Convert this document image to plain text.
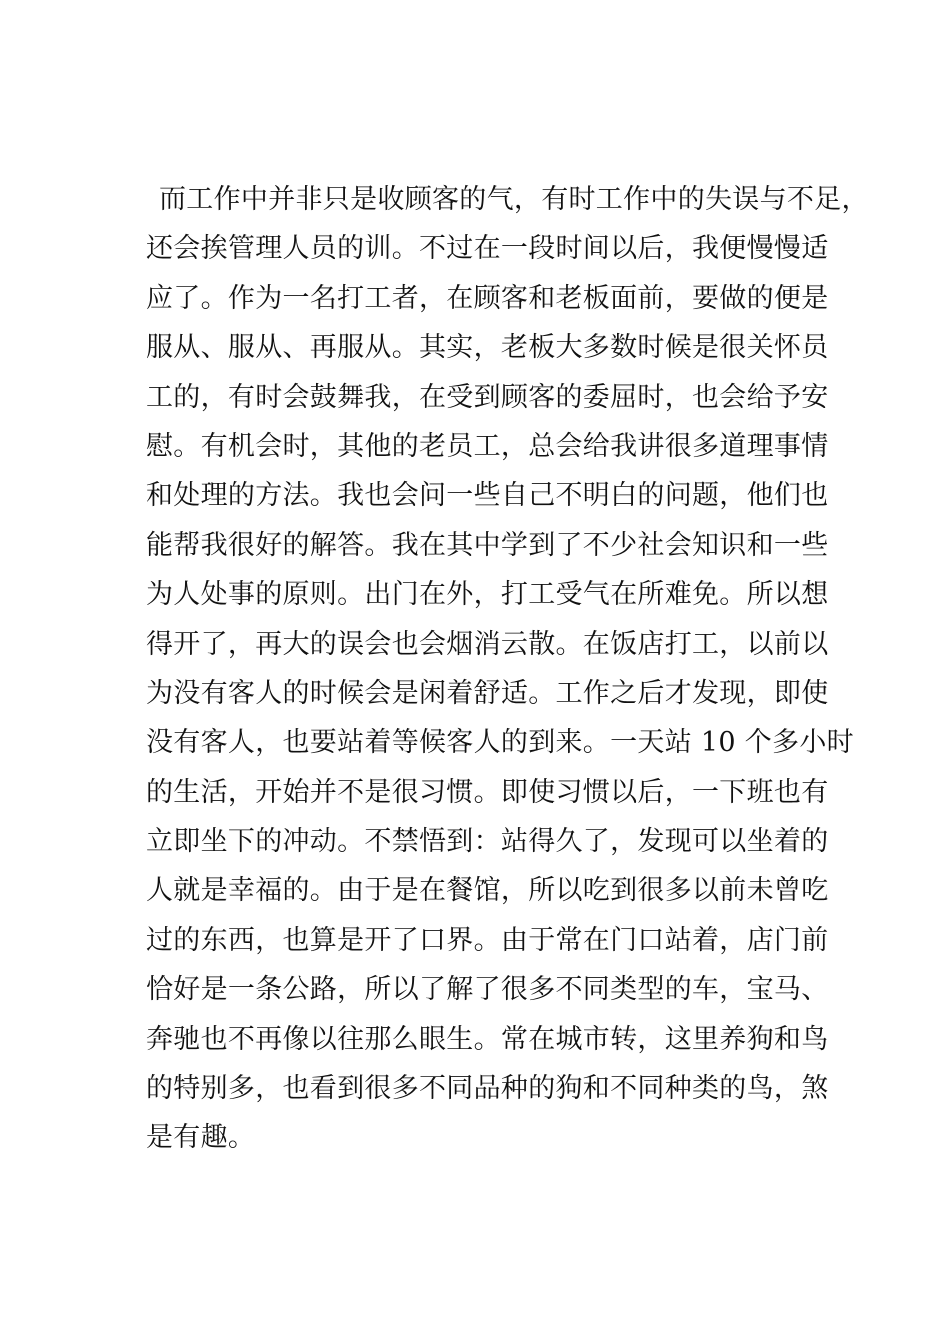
而工作中并非只是收顾客的气，有时工作中的失误与不足，
还会挨管理人员的训。不过在一段时间以后，我便慢慢适
应了。作为一名打工者，在顾客和老板面前，要做的便是
服从、服从、再服从。其实，老板大多数时候是很关怀员
工的，有时会鼓舞我，在受到顾客的委屈时，也会给予安
慰。有机会时，其他的老员工，总会给我讲很多道理事情
和处理的方法。我也会问一些自己不明白的问题，他们也
能帮我很好的解答。我在其中学到了不少社会知识和一些
为人处事的原则。出门在外，打工受气在所难免。所以想
得开了，再大的误会也会烟消云散。在饭店打工，以前以
为没有客人的时候会是闲着舒适。工作之后才发现，即使
没有客人，也要站着等候客人的到来。一天站 10 个多小时
的生活，开始并不是很习惯。即使习惯以后，一下班也有
立即坐下的冲动。不禁悟到：站得久了，发现可以坐着的
人就是幸福的。由于是在餐馆，所以吃到很多以前未曾吃
过的东西，也算是开了口界。由于常在门口站着，店门前
恰好是一条公路，所以了解了很多不同类型的车，宝马、
奔驰也不再像以往那么眼生。常在城市转，这里养狗和鸟
的特别多，也看到很多不同品种的狗和不同种类的鸟，煞
是有趣。
